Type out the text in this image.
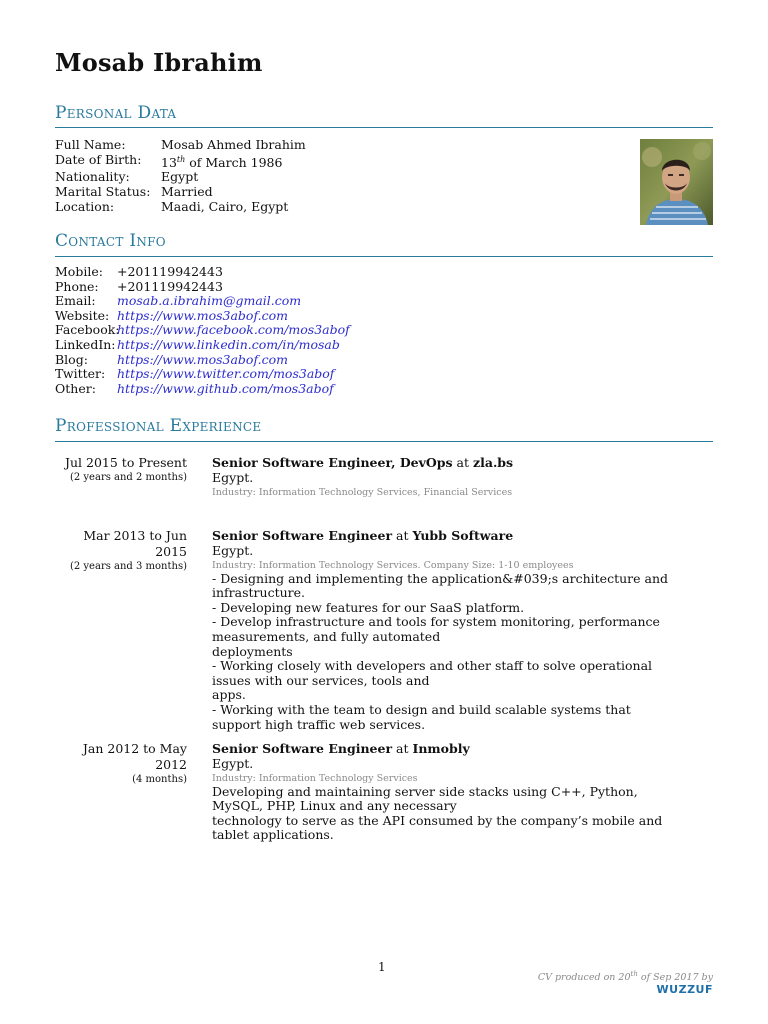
Mosab Ibrahim
Personal Data
Full Name:	Mosab Ahmed Ibrahim
Date of Birth:	13th of March 1986
Nationality:	Egypt
Marital Status: Married
Location:	Maadi, Cairo, Egypt
Contact Info
Mobile:	+201119942443
Phone:	+201119942443
Email:	mosab.a.ibrahim@gmail.com
Website: https://www.mos3abof.com
Facebook:
https://www.facebook.com/mos3abof
LinkedIn: https://www.linkedin.com/in/mosab
Blog:	https://www.mos3abof.com
Twitter: https://www.twitter.com/mos3abof
Other:	https://www.github.com/mos3abof
Professional Experience
Jul 2015 to Present
(2 years and 2 months)
Senior Software Engineer, DevOps at zla.bs
Egypt.
Industry: Information Technology Services, Financial Services
Mar 2013 to Jun 2015
(2 years and 3 months)
Senior Software Engineer at Yubb Software
Egypt.
Industry: Information Technology Services. Company Size: 1-10 employees
- Designing and implementing the application&#039;s architecture and infrastructure.
- Developing new features for our SaaS platform.
- Develop infrastructure and tools for system monitoring, performance measurements, and fully automated
deployments
- Working closely with developers and other staff to solve operational issues with our services, tools and
apps.
- Working with the team to design and build scalable systems that support high traffic web services.
Jan 2012 to May 2012
(4 months)
Senior Software Engineer at Inmobly
Egypt.
Industry: Information Technology Services
Developing and maintaining server side stacks using C++, Python, MySQL, PHP, Linux and any necessary
technology to serve as the API consumed by the company’s mobile and tablet applications.
1
CV produced on 20th of Sep 2017 by
WUZZUF
